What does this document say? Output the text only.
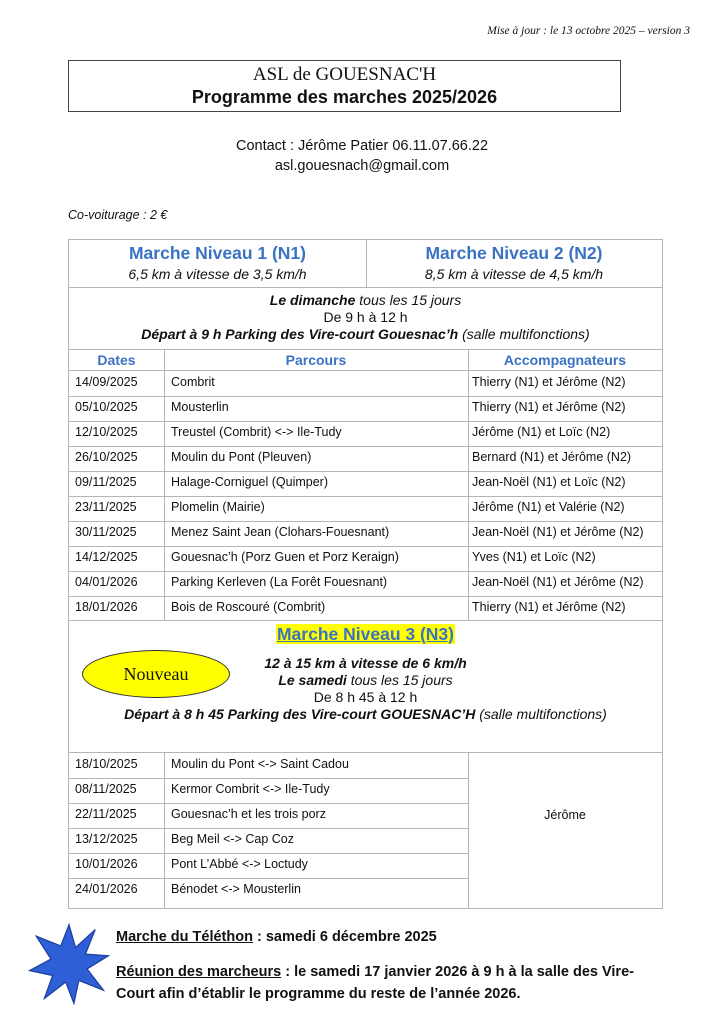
Mise à jour : le 13 octobre 2025 – version 3
ASL de GOUESNAC'H
Programme des marches 2025/2026
Contact : Jérôme Patier 06.11.07.66.22
asl.gouesnach@gmail.com
Co-voiturage : 2 €
Marche Niveau 1 (N1)
6,5 km à vitesse de 3,5 km/h
Marche Niveau 2 (N2)
8,5 km à vitesse de 4,5 km/h
Le dimanche tous les 15 jours
De 9 h à 12 h
Départ à 9 h Parking des Vire-court Gouesnac’h (salle multifonctions)
Dates	Parcours	Accompagnateurs
14/09/2025	Combrit	Thierry (N1) et Jérôme (N2)
05/10/2025	Mousterlin	Thierry (N1) et Jérôme (N2)
12/10/2025	Treustel (Combrit) <-> Ile-Tudy	Jérôme (N1) et Loïc (N2)
26/10/2025	Moulin du Pont (Pleuven)	Bernard (N1) et Jérôme (N2)
09/11/2025	Halage-Corniguel (Quimper)	Jean-Noël (N1) et Loïc (N2)
23/11/2025	Plomelin (Mairie)	Jérôme (N1) et Valérie (N2)
30/11/2025	Menez Saint Jean (Clohars-Fouesnant)	Jean-Noël (N1) et Jérôme (N2)
14/12/2025	Gouesnac’h (Porz Guen et Porz Keraign)	Yves (N1) et Loïc (N2)
04/01/2026	Parking Kerleven (La Forêt Fouesnant)	Jean-Noël (N1) et Jérôme (N2)
18/01/2026	Bois de Roscouré (Combrit)	Thierry (N1) et Jérôme (N2)
Marche Niveau 3 (N3)
12 à 15 km à vitesse de 6 km/h
Le samedi tous les 15 jours
De 8 h 45 à 12 h
Départ à 8 h 45 Parking des Vire-court GOUESNAC’H (salle multifonctions)
18/10/2025	Moulin du Pont <-> Saint Cadou
08/11/2025	Kermor Combrit <-> Ile-Tudy
22/11/2025	Gouesnac’h et les trois porz
13/12/2025	Beg Meil <-> Cap Coz
10/01/2026	Pont L’Abbé <-> Loctudy
24/01/2026	Bénodet <-> Mousterlin
Jérôme
Nouveau
Marche du Téléthon : samedi 6 décembre 2025
Réunion des marcheurs : le samedi 17 janvier 2026 à 9 h à la salle des Vire-
Court afin d’établir le programme du reste de l’année 2026.
